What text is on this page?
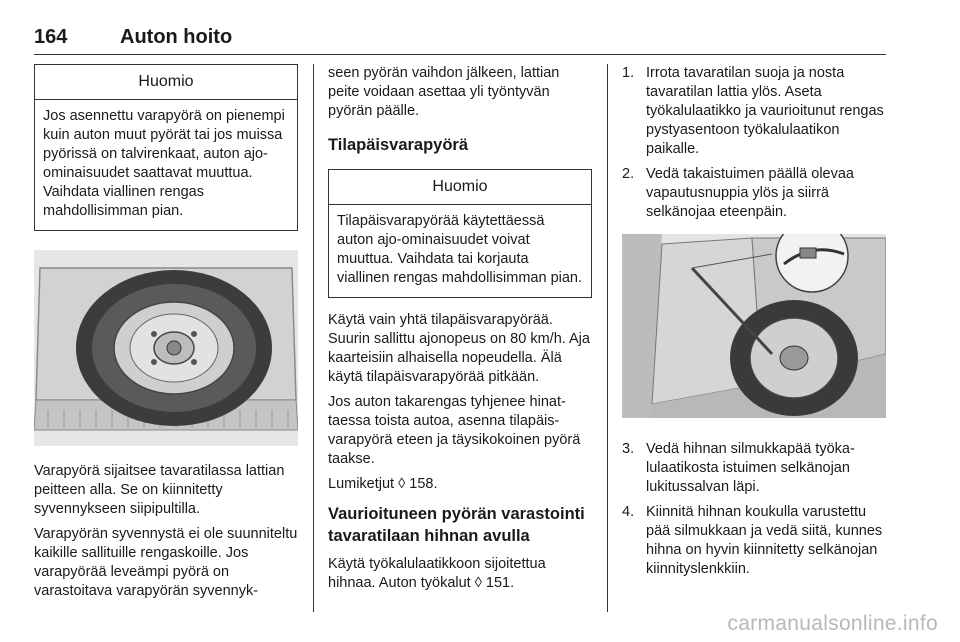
164	Auton hoito
Huomio
Jos asennettu varapyörä on pienempi kuin auton muut pyörät tai jos muissa pyörissä on talvirenkaat, auton ajo-ominaisuudet saattavat muuttua. Vaihdata viallinen rengas mahdollisimman pian.

Varapyörä sijaitsee tavaratilassa lattian peitteen alla. Se on kiinnitetty syvennykseen siipipultilla.

Varapyörän syvennystä ei ole suunniteltu kaikille sallituille rengaskoille. Jos varapyörää leveämpi pyörä on varastoitava varapyörän syvennyk-

seen pyörän vaihdon jälkeen, lattian peite voidaan asettaa yli työntyvän pyörän päälle.

Tilapäisvarapyörä
Huomio
Tilapäisvarapyörää käytettäessä auton ajo-ominaisuudet voivat muuttua. Vaihdata tai korjauta viallinen rengas mahdollisimman pian.

Käytä vain yhtä tilapäisvarapyörää. Suurin sallittu ajonopeus on 80 km/h. Aja kaarteisiin alhaisella nopeudella. Älä käytä tilapäisvarapyörää pitkään.

Jos auton takarengas tyhjenee hinattaessa toista autoa, asenna tilapäisvarapyörä eteen ja täysikokoinen pyörä taakse.

Lumiketjut ◊ 158.

Vaurioituneen pyörän varastointi tavaratilaan hihnan avulla

Käytä työkalulaatikkoon sijoitettua hihnaa. Auton työkalut ◊ 151.

1. Irrota tavaratilan suoja ja nosta tavaratilan lattia ylös. Aseta työkalulaatikko ja vaurioitunut rengas pystyasentoon työkalulaatikon paikalle.
2. Vedä takaistuimen päällä olevaa vapautusnuppia ylös ja siirrä selkänojaa eteenpäin.
3. Vedä hihnan silmukkapää työkalulaatikosta istuimen selkänojan lukitussalvan läpi.
4. Kiinnitä hihnan koukulla varustettu pää silmukkaan ja vedä siitä, kunnes hihna on hyvin kiinnitetty selkänojan kiinnityslenkkiin.
carmanualsonline.info
